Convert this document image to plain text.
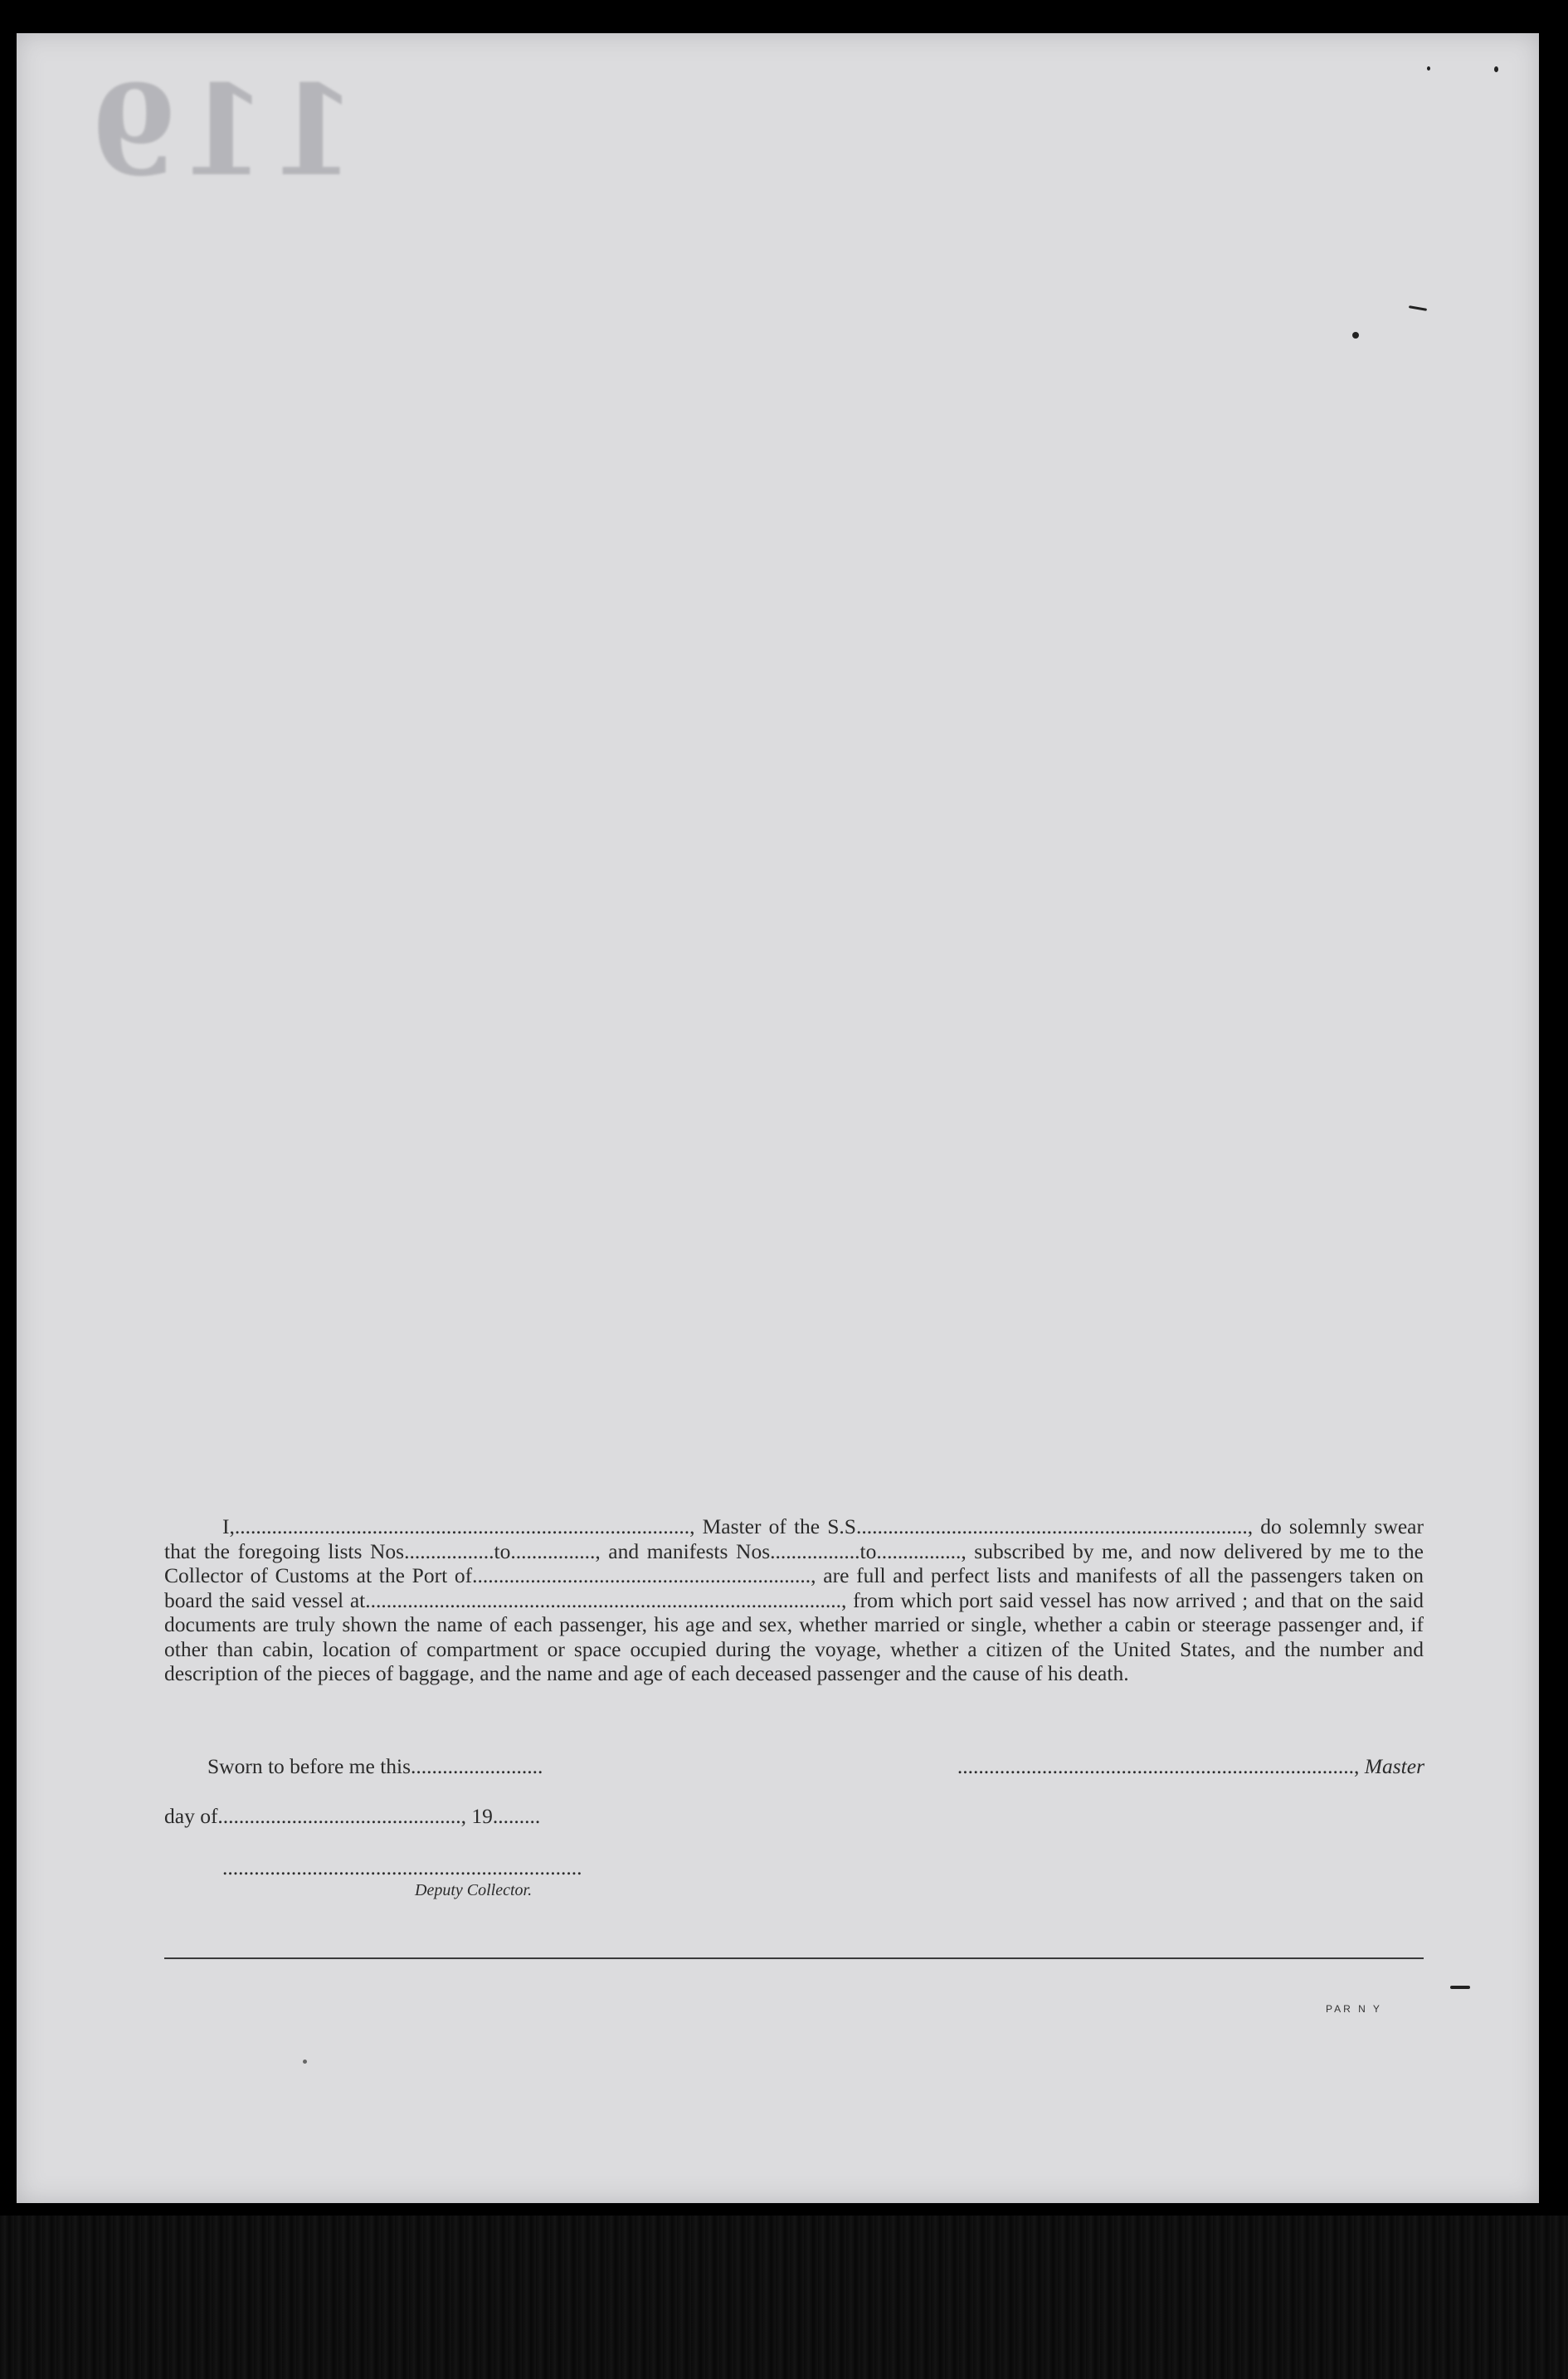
119
I,......................................................................................, Master of the S.S.........................................................................., do solemnly swear that the foregoing lists Nos.................to................, and manifests Nos.................to................, subscribed by me, and now delivered by me to the Collector of Customs at the Port of................................................................, are full and perfect lists and manifests of all the passengers taken on board the said vessel at.........................................................................................., from which port said vessel has now arrived ; and that on the said documents are truly shown the name of each passenger, his age and sex, whether married or single, whether a cabin or steerage passenger and, if other than cabin, location of compartment or space occupied during the voyage, whether a citizen of the United States, and the number and description of the pieces of baggage, and the name and age of each deceased passenger and the cause of his death.
Sworn to before me this.........................	..........................................................................., Master
day of.............................................., 19.........
....................................................................
Deputy Collector.
PAR N Y
